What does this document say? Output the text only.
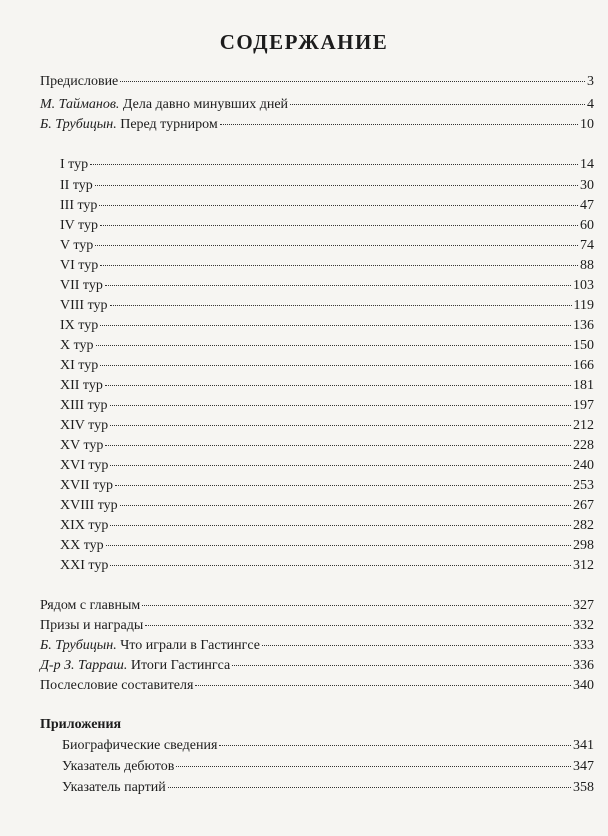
СОДЕРЖАНИЕ
Предисловие	3
М. Тайманов. Дела давно минувших дней	4
Б. Трубицын. Перед турниром	10
I тур	14
II тур	30
III тур	47
IV тур	60
V тур	74
VI тур	88
VII тур	103
VIII тур	119
IX тур	136
X тур	150
XI тур	166
XII тур	181
XIII тур	197
XIV тур	212
XV тур	228
XVI тур	240
XVII тур	253
XVIII тур	267
XIX тур	282
XX тур	298
XXI тур	312
Рядом с главным	327
Призы и награды	332
Б. Трубицын. Что играли в Гастингсе	333
Д-р З. Тарраш. Итоги Гастингса	336
Послесловие составителя	340
Приложения
Биографические сведения	341
Указатель дебютов	347
Указатель партий	358
